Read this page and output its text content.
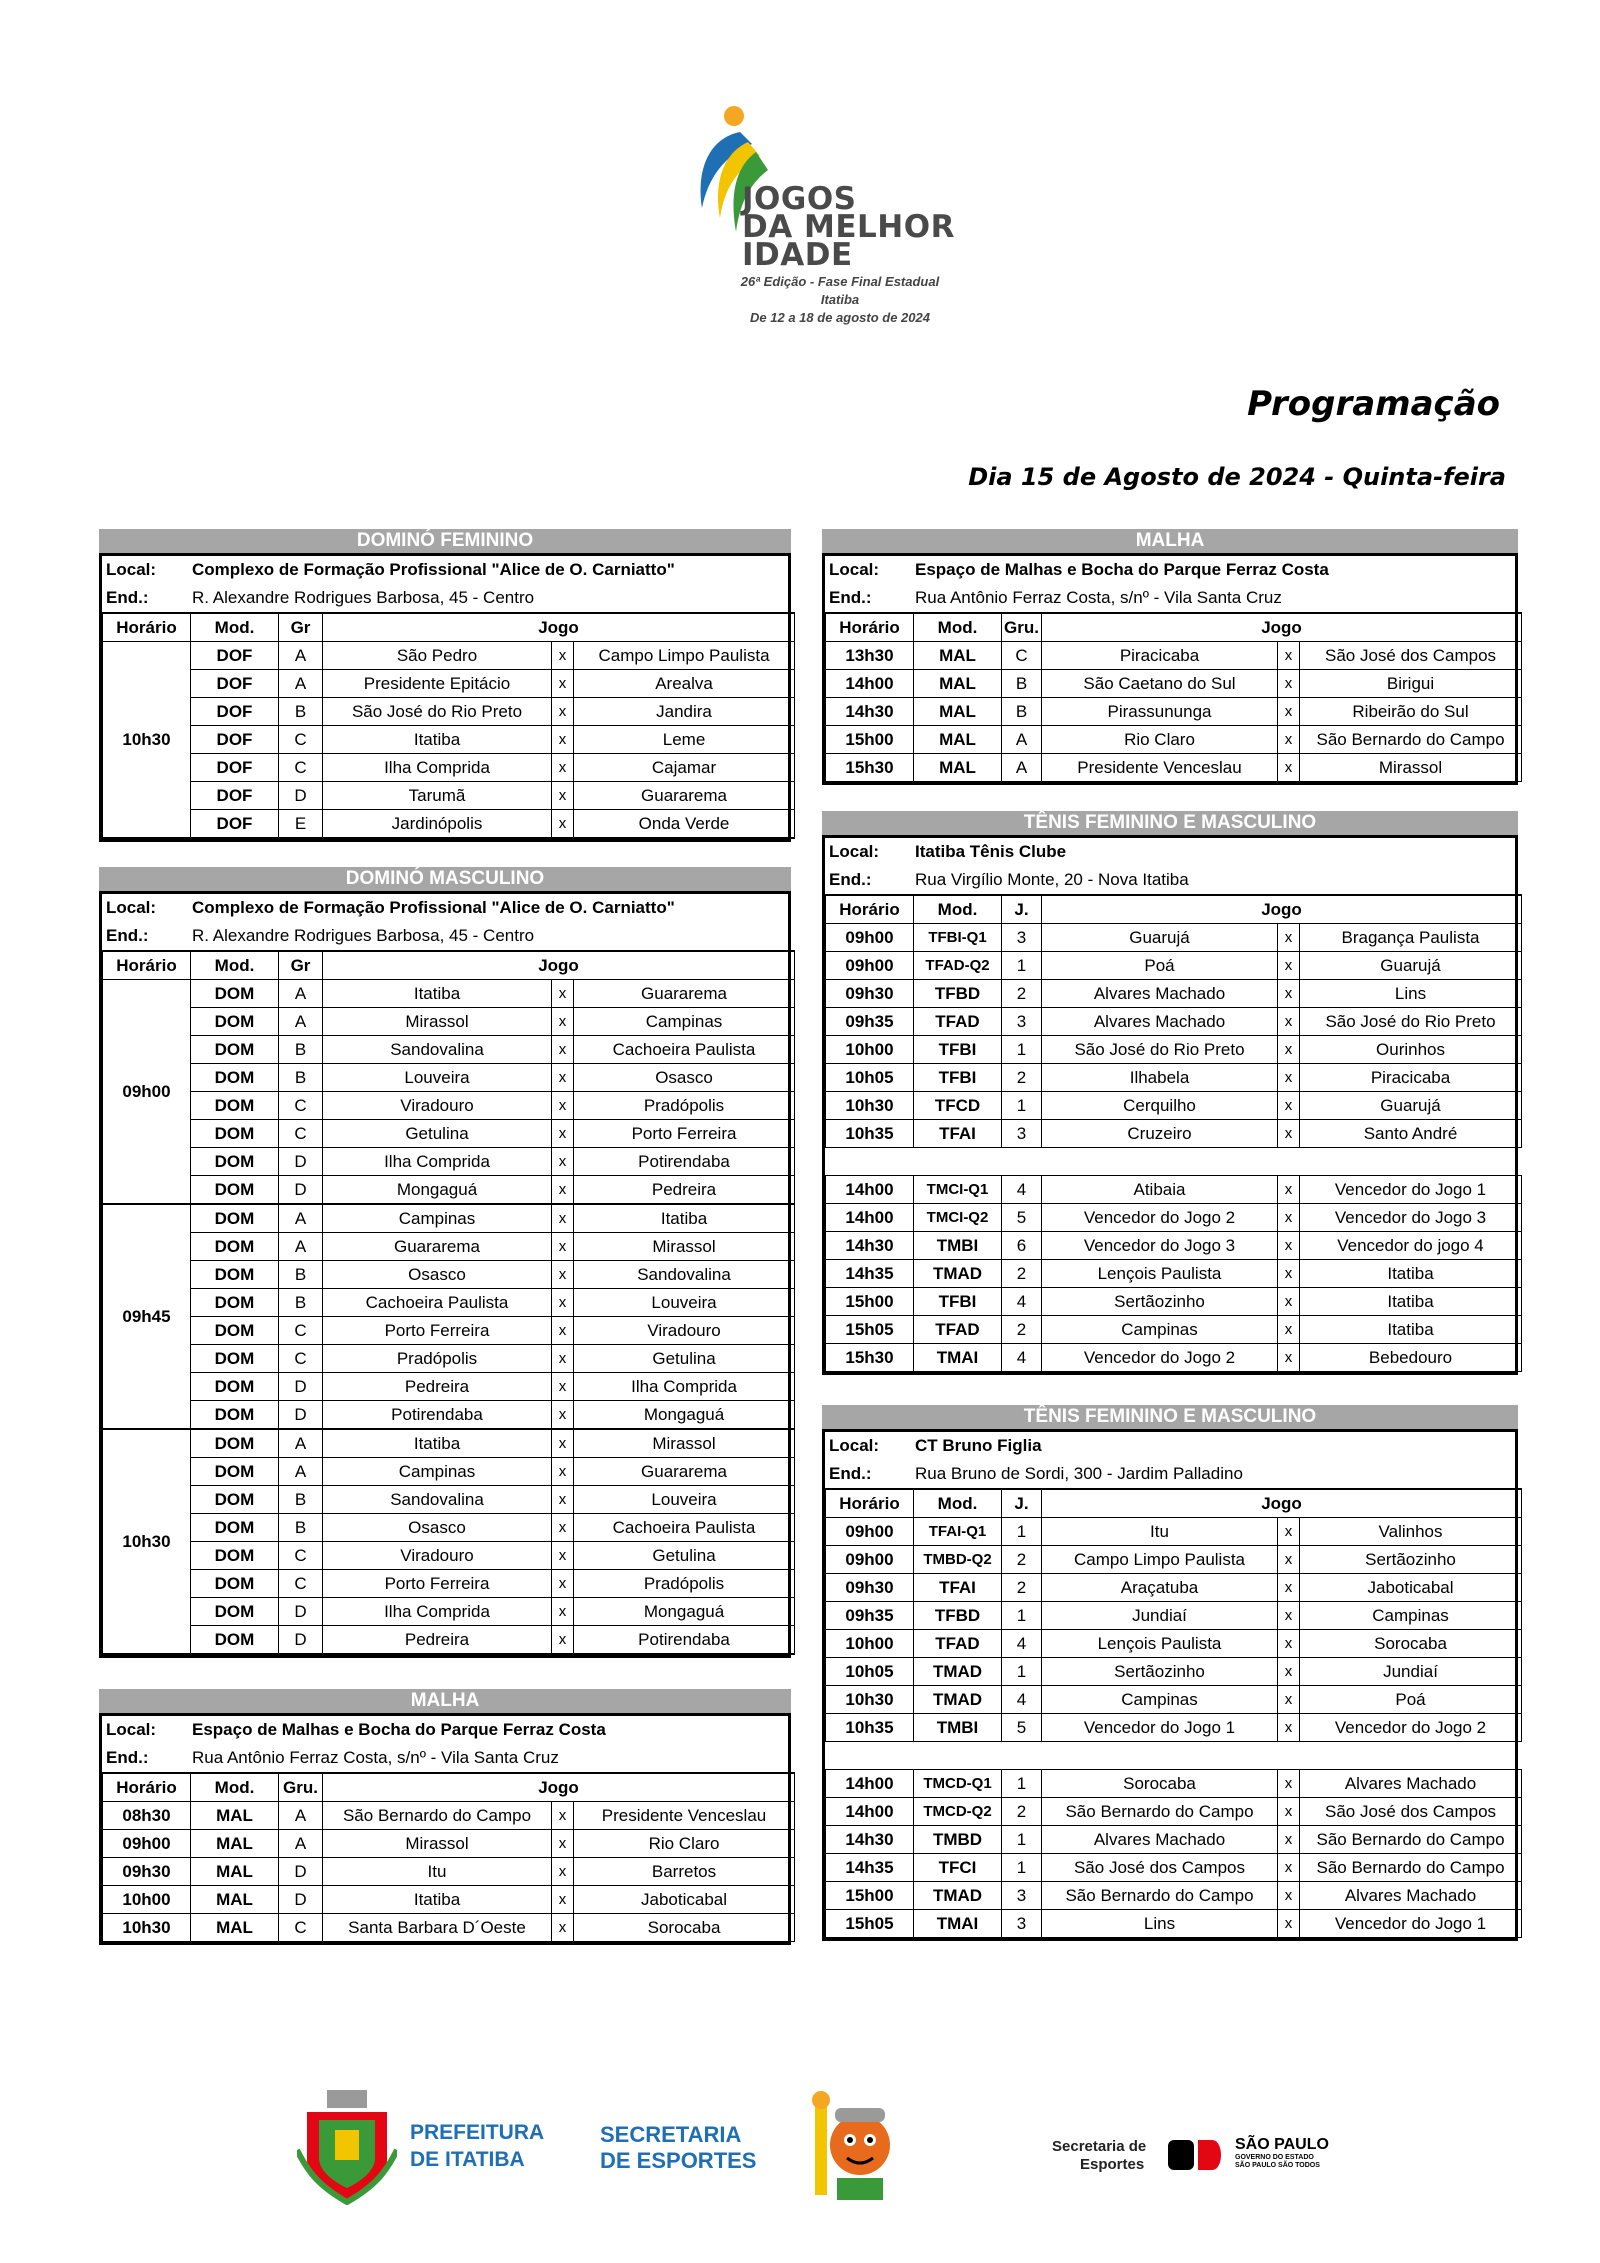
JOGOS
DA MELHOR
IDADE
26ª Edição - Fase Final Estadual
Itatiba
De 12 a 18 de agosto de 2024
Programação
Dia 15 de Agosto de 2024 - Quinta-feira
DOMINÓ FEMININO
Local:	Complexo de Formação Profissional "Alice de O. Carniatto"
End.:	R. Alexandre Rodrigues Barbosa, 45 - Centro
Horário	Mod.	Gr	Jogo		
10h30	DOF	A	São Pedro	x	Campo Limpo Paulista
	DOF	A	Presidente Epitácio	x	Arealva
	DOF	B	São José do Rio Preto	x	Jandira
	DOF	C	Itatiba	x	Leme
	DOF	C	Ilha Comprida	x	Cajamar
	DOF	D	Tarumã	x	Guararema
	DOF	E	Jardinópolis	x	Onda Verde
DOMINÓ MASCULINO
Local:	Complexo de Formação Profissional "Alice de O. Carniatto"
End.:	R. Alexandre Rodrigues Barbosa, 45 - Centro
Horário	Mod.	Gr	Jogo		
09h00	DOM	A	Itatiba	x	Guararema
	DOM	A	Mirassol	x	Campinas
	DOM	B	Sandovalina	x	Cachoeira Paulista
	DOM	B	Louveira	x	Osasco
	DOM	C	Viradouro	x	Pradópolis
	DOM	C	Getulina	x	Porto Ferreira
	DOM	D	Ilha Comprida	x	Potirendaba
	DOM	D	Mongaguá	x	Pedreira
09h45	DOM	A	Campinas	x	Itatiba
	DOM	A	Guararema	x	Mirassol
	DOM	B	Osasco	x	Sandovalina
	DOM	B	Cachoeira Paulista	x	Louveira
	DOM	C	Porto Ferreira	x	Viradouro
	DOM	C	Pradópolis	x	Getulina
	DOM	D	Pedreira	x	Ilha Comprida
	DOM	D	Potirendaba	x	Mongaguá
10h30	DOM	A	Itatiba	x	Mirassol
	DOM	A	Campinas	x	Guararema
	DOM	B	Sandovalina	x	Louveira
	DOM	B	Osasco	x	Cachoeira Paulista
	DOM	C	Viradouro	x	Getulina
	DOM	C	Porto Ferreira	x	Pradópolis
	DOM	D	Ilha Comprida	x	Mongaguá
	DOM	D	Pedreira	x	Potirendaba
MALHA
Local:	Espaço de Malhas e Bocha do Parque Ferraz Costa
End.:	Rua Antônio Ferraz Costa, s/nº - Vila Santa Cruz
Horário	Mod.	Gru.	Jogo		
08h30	MAL	A	São Bernardo do Campo	x	Presidente Venceslau
09h00	MAL	A	Mirassol	x	Rio Claro
09h30	MAL	D	Itu	x	Barretos
10h00	MAL	D	Itatiba	x	Jaboticabal
10h30	MAL	C	Santa Barbara D´Oeste	x	Sorocaba
MALHA
Local:	Espaço de Malhas e Bocha do Parque Ferraz Costa
End.:	Rua Antônio Ferraz Costa, s/nº - Vila Santa Cruz
Horário	Mod.	Gru.	Jogo		
13h30	MAL	C	Piracicaba	x	São José dos Campos
14h00	MAL	B	São Caetano do Sul	x	Birigui
14h30	MAL	B	Pirassununga	x	Ribeirão do Sul
15h00	MAL	A	Rio Claro	x	São Bernardo do Campo
15h30	MAL	A	Presidente Venceslau	x	Mirassol
TÊNIS FEMININO E MASCULINO
Local:	Itatiba Tênis Clube
End.:	Rua Virgílio Monte, 20 - Nova Itatiba
Horário	Mod.	J.	Jogo		
09h00	TFBI-Q1	3	Guarujá	x	Bragança Paulista
09h00	TFAD-Q2	1	Poá	x	Guarujá
09h30	TFBD	2	Alvares Machado	x	Lins
09h35	TFAD	3	Alvares Machado	x	São José do Rio Preto
10h00	TFBI	1	São José do Rio Preto	x	Ourinhos
10h05	TFBI	2	Ilhabela	x	Piracicaba
10h30	TFCD	1	Cerquilho	x	Guarujá
10h35	TFAI	3	Cruzeiro	x	Santo André

14h00	TMCI-Q1	4	Atibaia	x	Vencedor do Jogo 1
14h00	TMCI-Q2	5	Vencedor do Jogo 2	x	Vencedor do Jogo 3
14h30	TMBI	6	Vencedor do Jogo 3	x	Vencedor do jogo 4
14h35	TMAD	2	Lençois Paulista	x	Itatiba
15h00	TFBI	4	Sertãozinho	x	Itatiba
15h05	TFAD	2	Campinas	x	Itatiba
15h30	TMAI	4	Vencedor do Jogo 2	x	Bebedouro
TÊNIS FEMININO E MASCULINO
Local:	CT Bruno Figlia
End.:	Rua Bruno de Sordi, 300 - Jardim Palladino
Horário	Mod.	J.	Jogo		
09h00	TFAI-Q1	1	Itu	x	Valinhos
09h00	TMBD-Q2	2	Campo Limpo Paulista	x	Sertãozinho
09h30	TFAI	2	Araçatuba	x	Jaboticabal
09h35	TFBD	1	Jundiaí	x	Campinas
10h00	TFAD	4	Lençois Paulista	x	Sorocaba
10h05	TMAD	1	Sertãozinho	x	Jundiaí
10h30	TMAD	4	Campinas	x	Poá
10h35	TMBI	5	Vencedor do Jogo 1	x	Vencedor do Jogo 2

14h00	TMCD-Q1	1	Sorocaba	x	Alvares Machado
14h00	TMCD-Q2	2	São Bernardo do Campo	x	São José dos Campos
14h30	TMBD	1	Alvares Machado	x	São Bernardo do Campo
14h35	TFCI	1	São José dos Campos	x	São Bernardo do Campo
15h00	TMAD	3	São Bernardo do Campo	x	Alvares Machado
15h05	TMAI	3	Lins	x	Vencedor do Jogo 1
PREFEITURA
DE ITATIBA
SECRETARIA
DE ESPORTES
Secretaria de
Esportes
SÃO PAULO
GOVERNO DO ESTADO
SÃO PAULO SÃO TODOS
